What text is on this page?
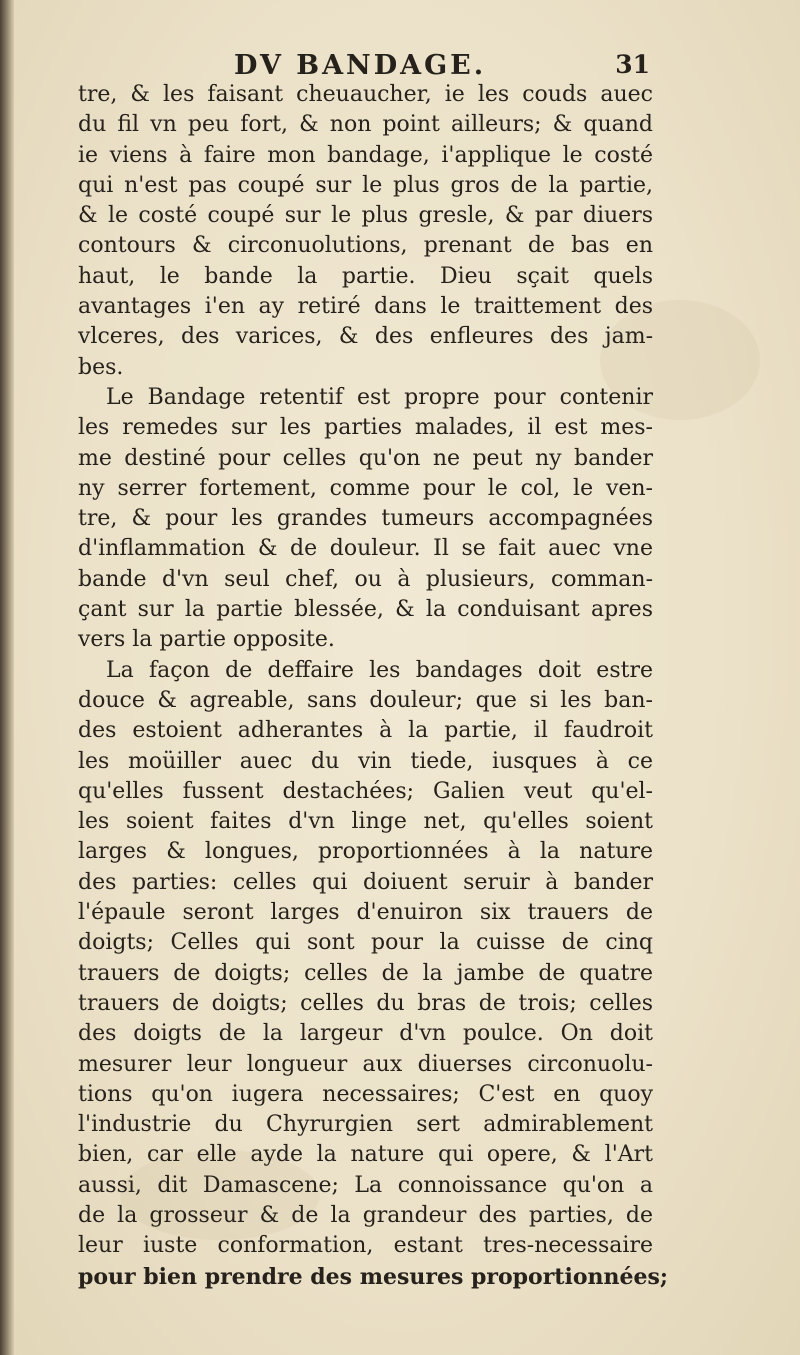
DV BANDAGE.	31
tre, & les faisant cheuaucher, ie les couds auec
du fil vn peu fort, & non point ailleurs; & quand
ie viens à faire mon bandage, i'applique le costé
qui n'est pas coupé sur le plus gros de la partie,
& le costé coupé sur le plus gresle, & par diuers
contours & circonuolutions, prenant de bas en
haut, le bande la partie. Dieu sçait quels
avantages i'en ay retiré dans le traittement des
vlceres, des varices, & des enfleures des jam-
bes.
Le Bandage retentif est propre pour contenir
les remedes sur les parties malades, il est mes-
me destiné pour celles qu'on ne peut ny bander
ny serrer fortement, comme pour le col, le ven-
tre, & pour les grandes tumeurs accompagnées
d'inflammation & de douleur. Il se fait auec vne
bande d'vn seul chef, ou à plusieurs, comman-
çant sur la partie blessée, & la conduisant apres
vers la partie opposite.
La façon de deffaire les bandages doit estre
douce & agreable, sans douleur; que si les ban-
des estoient adherantes à la partie, il faudroit
les moüiller auec du vin tiede, iusques à ce
qu'elles fussent destachées; Galien veut qu'el-
les soient faites d'vn linge net, qu'elles soient
larges & longues, proportionnées à la nature
des parties: celles qui doiuent seruir à bander
l'épaule seront larges d'enuiron six trauers de
doigts; Celles qui sont pour la cuisse de cinq
trauers de doigts; celles de la jambe de quatre
trauers de doigts; celles du bras de trois; celles
des doigts de la largeur d'vn poulce. On doit
mesurer leur longueur aux diuerses circonuolu-
tions qu'on iugera necessaires; C'est en quoy
l'industrie du Chyrurgien sert admirablement
bien, car elle ayde la nature qui opere, & l'Art
aussi, dit Damascene; La connoissance qu'on a
de la grosseur & de la grandeur des parties, de
leur iuste conformation, estant tres-necessaire
pour bien prendre des mesures proportionnées;
